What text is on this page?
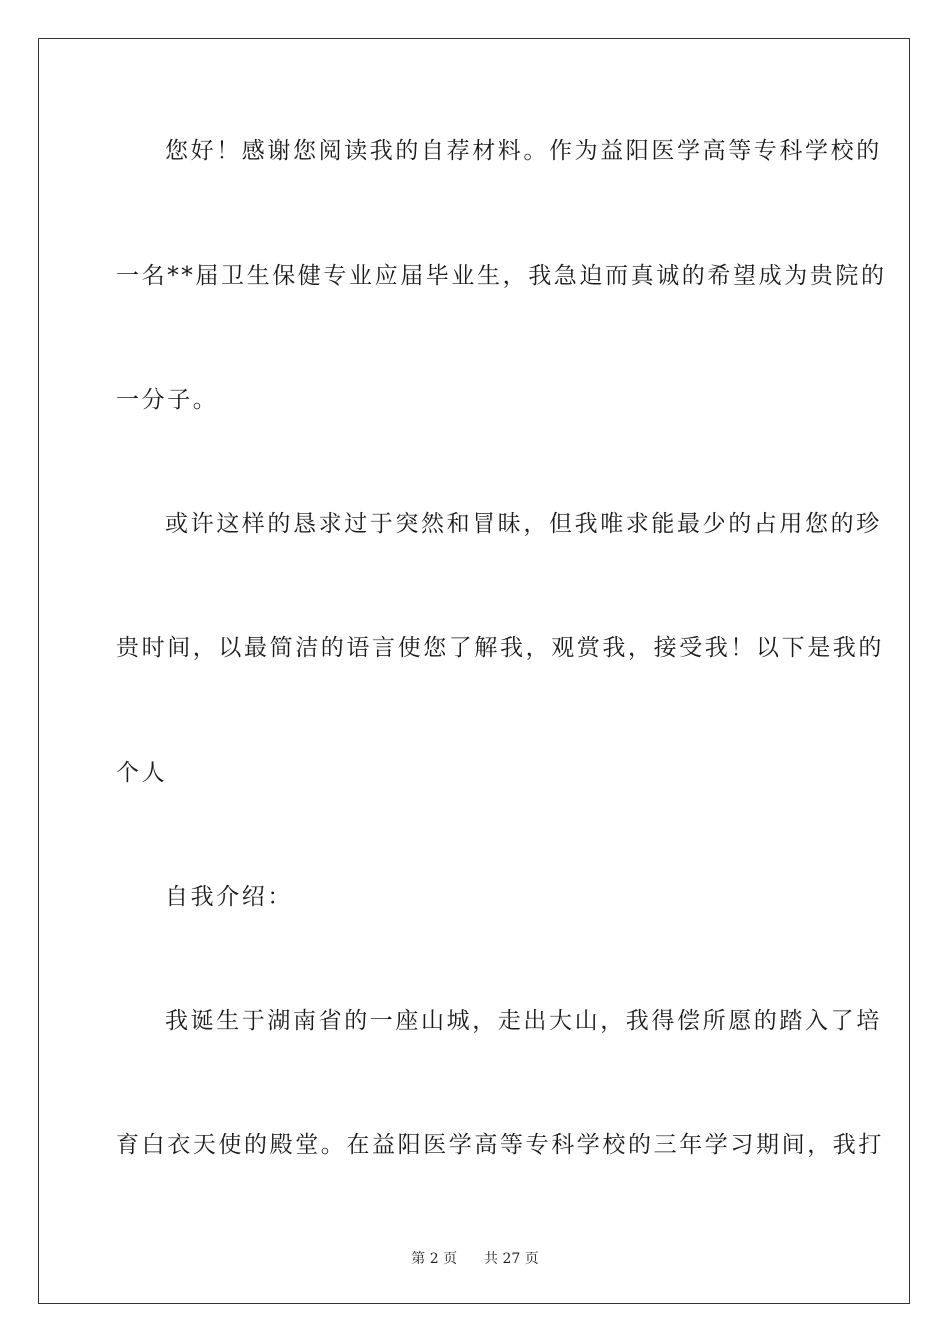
您好！感谢您阅读我的自荐材料。作为益阳医学高等专科学校的
一名**届卫生保健专业应届毕业生，我急迫而真诚的希望成为贵院的
一分子。
或许这样的恳求过于突然和冒昧，但我唯求能最少的占用您的珍
贵时间，以最简洁的语言使您了解我，观赏我，接受我！以下是我的
个人
自我介绍：
我诞生于湖南省的一座山城，走出大山，我得偿所愿的踏入了培
育白衣天使的殿堂。在益阳医学高等专科学校的三年学习期间，我打
第 2 页 共 27 页
